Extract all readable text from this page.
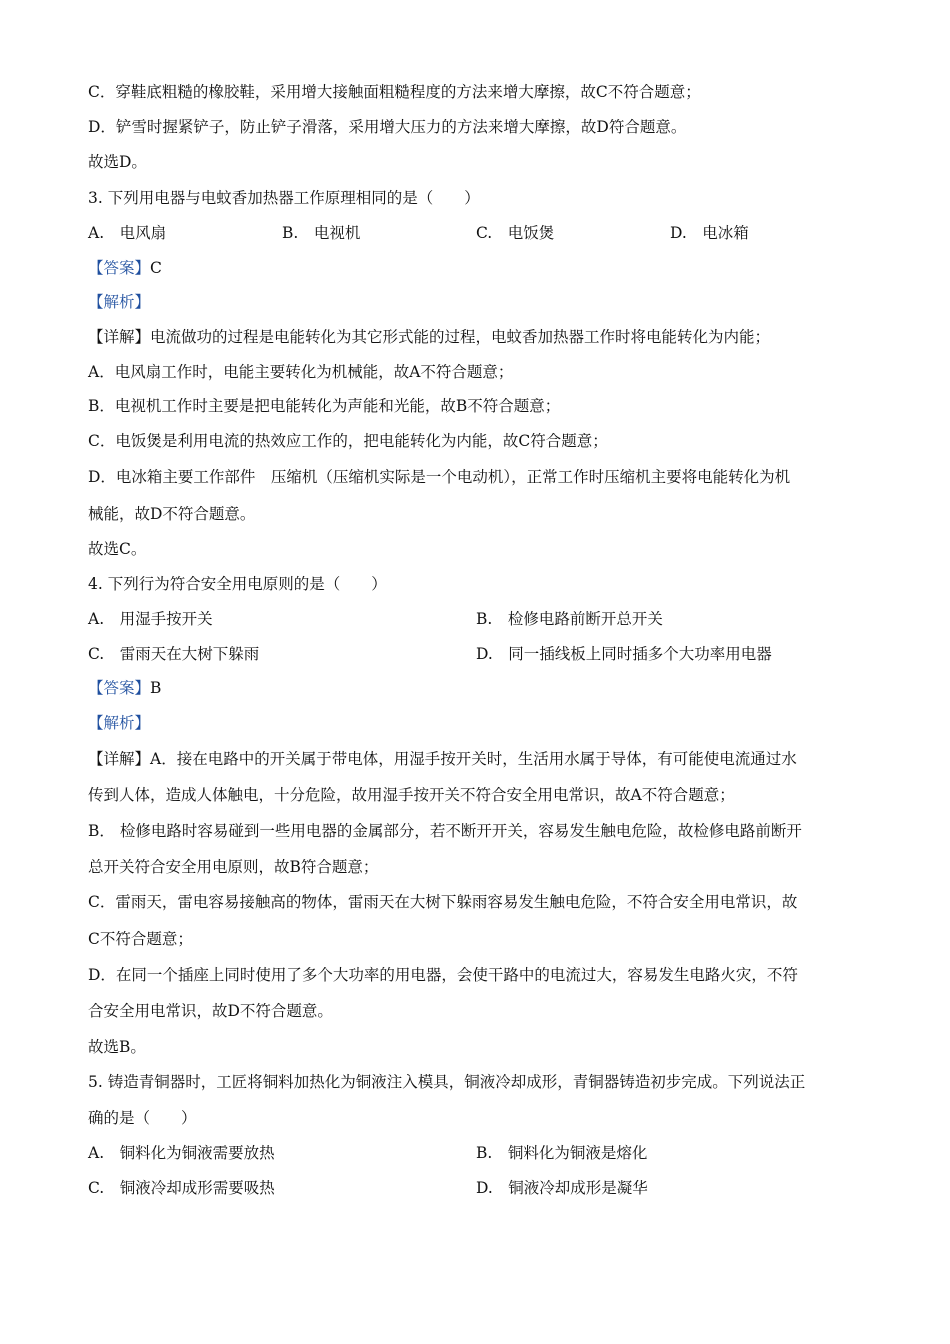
C．穿鞋底粗糙的橡胶鞋，采用增大接触面粗糙程度的方法来增大摩擦，故C不符合题意；
D．铲雪时握紧铲子，防止铲子滑落，采用增大压力的方法来增大摩擦，故D符合题意。
故选D。
3. 下列用电器与电蚊香加热器工作原理相同的是（　　）
A.　电风扇	B.　电视机	C.　电饭煲	D.　电冰箱
【答案】C
【解析】
【详解】电流做功的过程是电能转化为其它形式能的过程，电蚊香加热器工作时将电能转化为内能；
A．电风扇工作时，电能主要转化为机械能，故A不符合题意；
B．电视机工作时主要是把电能转化为声能和光能，故B不符合题意；
C．电饭煲是利用电流的热效应工作的，把电能转化为内能，故C符合题意；
D．电冰箱主要工作部件　压缩机（压缩机实际是一个电动机），正常工作时压缩机主要将电能转化为机
械能，故D不符合题意。
故选C。
4. 下列行为符合安全用电原则的是（　　）
A.　用湿手按开关	B.　检修电路前断开总开关
C.　雷雨天在大树下躲雨	D.　同一插线板上同时插多个大功率用电器
【答案】B
【解析】
【详解】A．接在电路中的开关属于带电体，用湿手按开关时，生活用水属于导体，有可能使电流通过水
传到人体，造成人体触电，十分危险，故用湿手按开关不符合安全用电常识，故A不符合题意；
B． 检修电路时容易碰到一些用电器的金属部分，若不断开开关，容易发生触电危险，故检修电路前断开
总开关符合安全用电原则，故B符合题意；
C．雷雨天，雷电容易接触高的物体，雷雨天在大树下躲雨容易发生触电危险，不符合安全用电常识，故
C不符合题意；
D．在同一个插座上同时使用了多个大功率的用电器，会使干路中的电流过大，容易发生电路火灾，不符
合安全用电常识，故D不符合题意。
故选B。
5. 铸造青铜器时，工匠将铜料加热化为铜液注入模具，铜液冷却成形，青铜器铸造初步完成。下列说法正
确的是（　　）
A.　铜料化为铜液需要放热	B.　铜料化为铜液是熔化
C.　铜液冷却成形需要吸热	D.　铜液冷却成形是凝华
